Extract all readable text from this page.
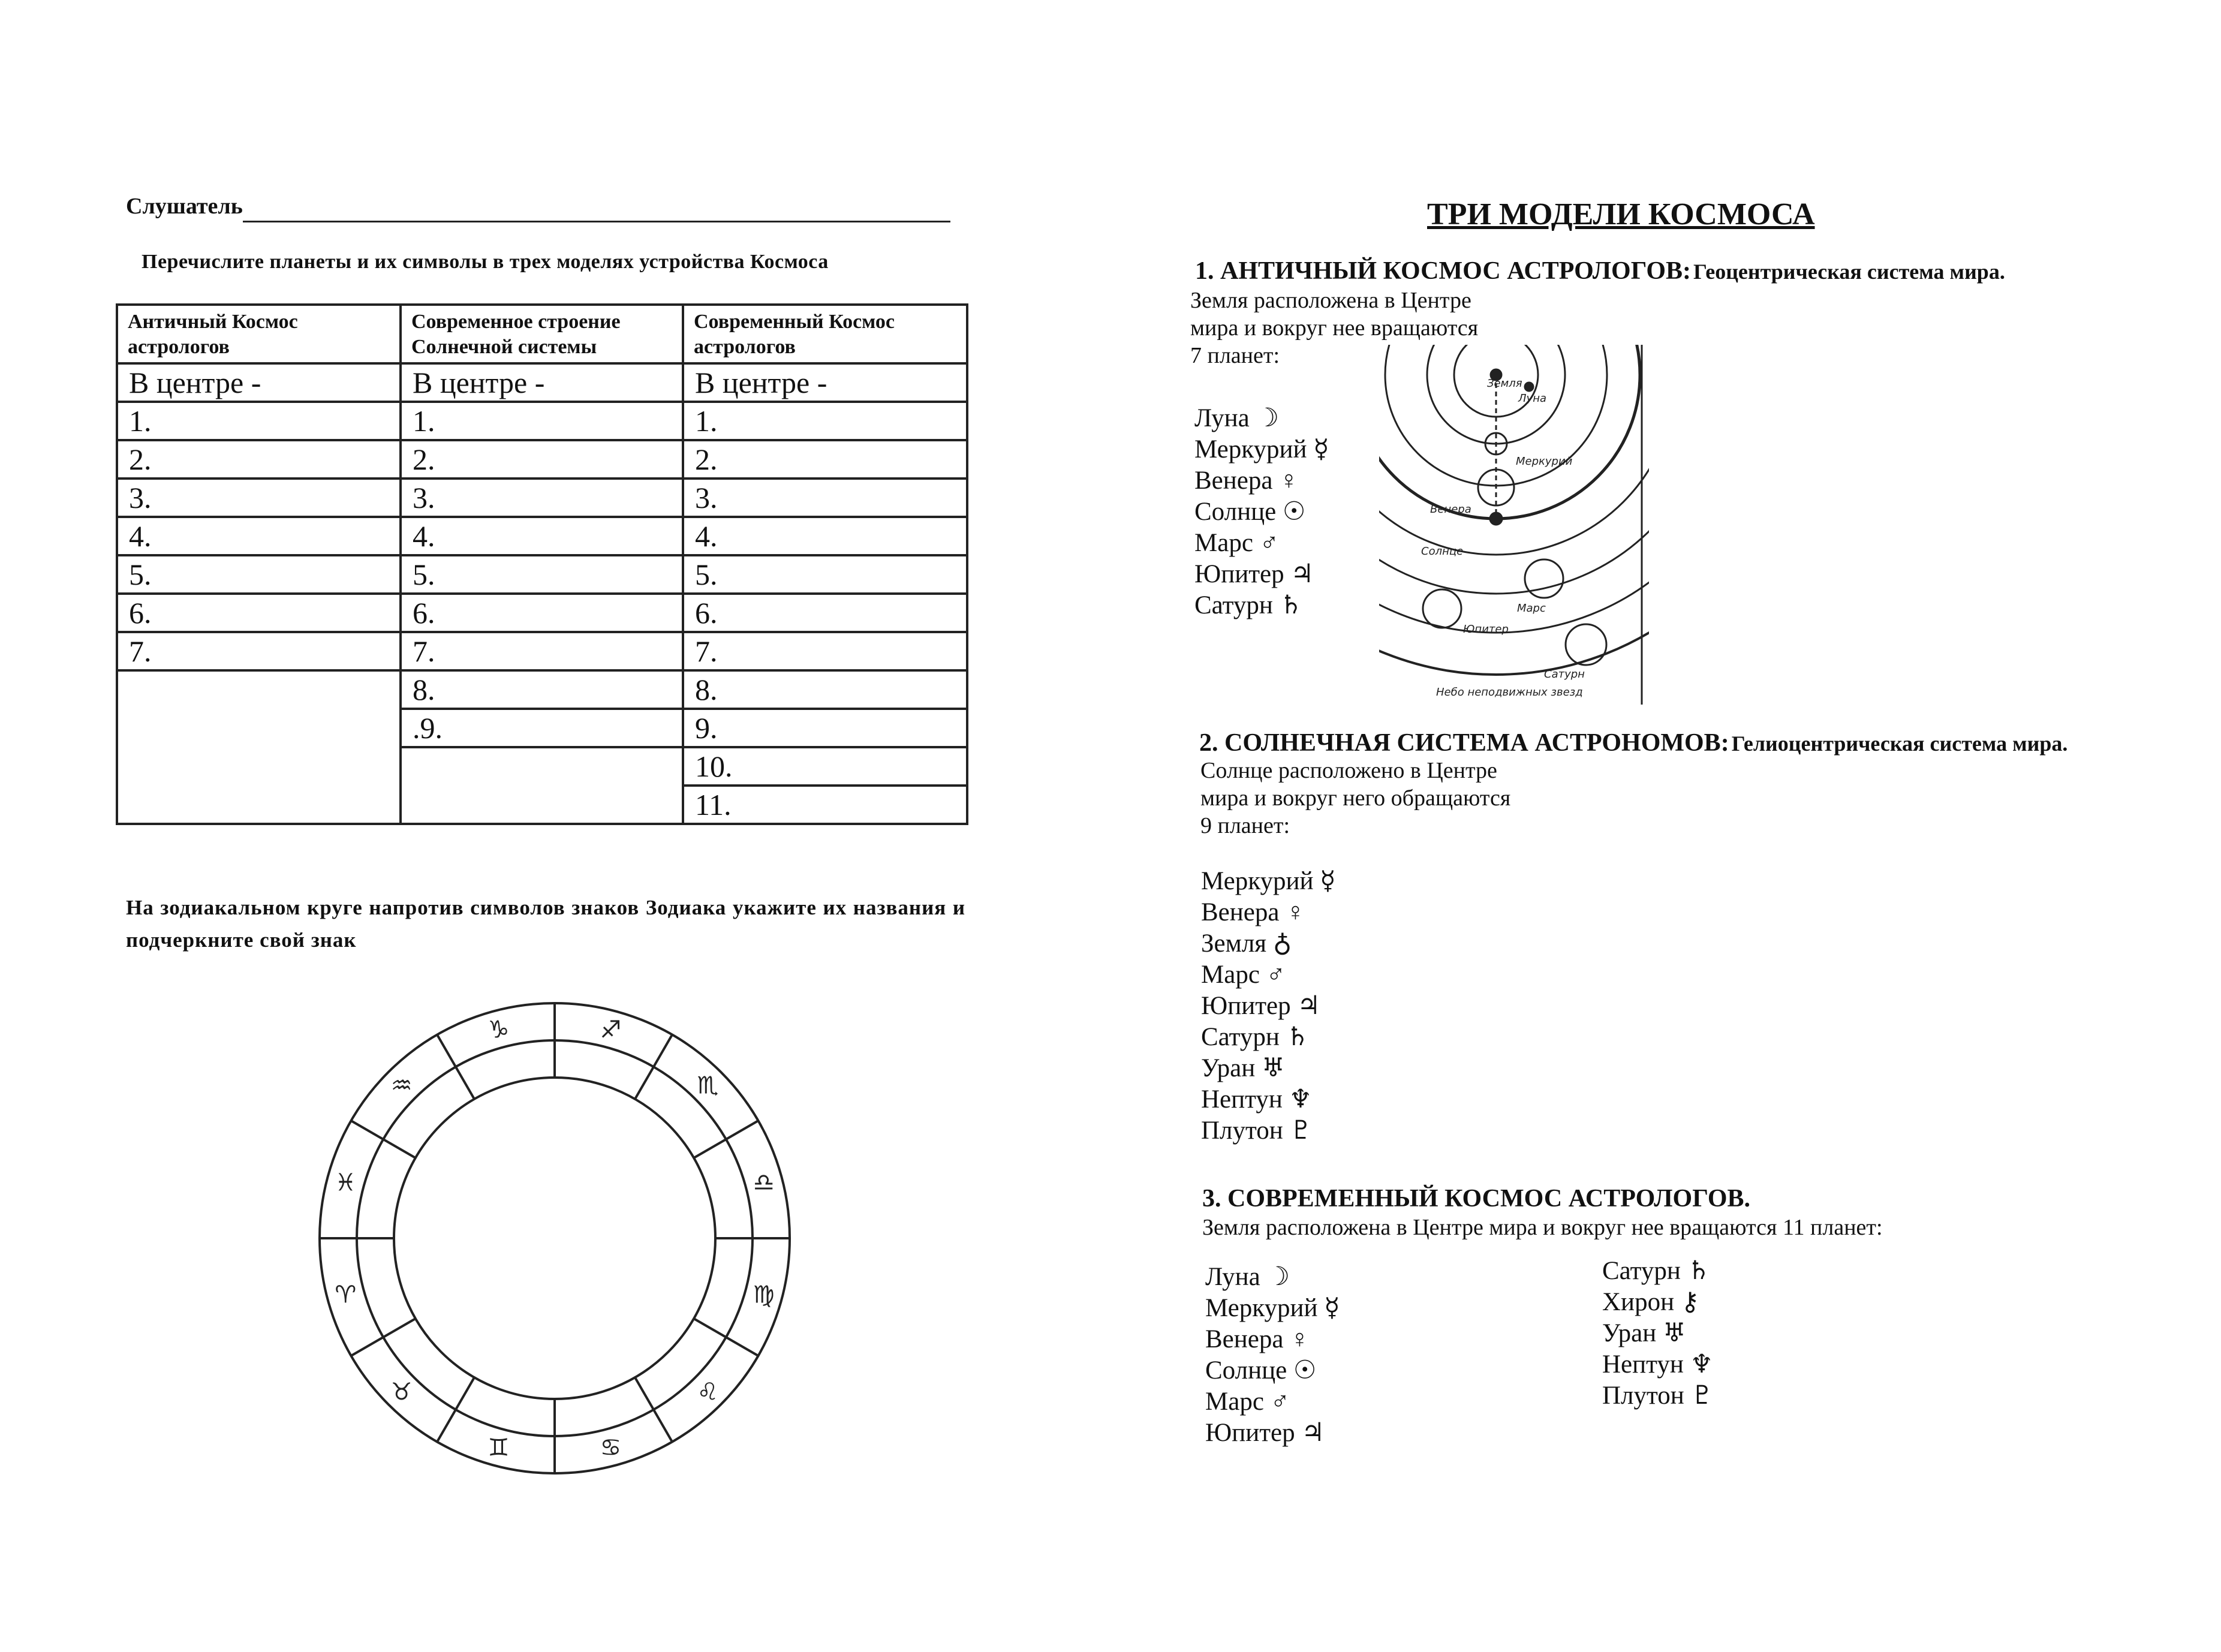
Слушатель
Перечислите планеты и их символы в трех моделях устройства Космоса
Античный Космос астрологов	Современное строение Солнечной системы	Современный Космос астрологов
В центре -	В центре -	В центре -
1.	1.	1.
2.	2.	2.
3.	3.	3.
4.	4.	4.
5.	5.	5.
6.	6.	6.
7.	7.	7.
	8.	8.
	.9.	9.
		10.
		11.
На зодиакальном круге напротив символов знаков Зодиака укажите их названия и подчеркните свой знак
♑	♐
♏
♎
♍
♌
♋
♊
♉
♈
♓
♒
ТРИ МОДЕЛИ КОСМОСА
1. АНТИЧНЫЙ КОСМОС АСТРОЛОГОВ: Геоцентрическая система мира.
Земля расположена в Центре
мира и вокруг нее вращаются
7 планет:
Луна ☽
Меркурий ☿
Венера ♀
Солнце ☉
Марс ♂
Юпитер ♃
Сатурн ♄
Земля
Луна
Меркурий
Венера
Солнце
Марс
Юпитер
Сатурн
Небо неподвижных звезд
2. СОЛНЕЧНАЯ СИСТЕМА АСТРОНОМОВ: Гелиоцентрическая система мира.
Солнце расположено в Центре
мира и вокруг него обращаются
9 планет:
Меркурий ☿
Венера ♀
Земля ♁
Марс ♂
Юпитер ♃
Сатурн ♄
Уран ♅
Нептун ♆
Плутон ♇
3. СОВРЕМЕННЫЙ КОСМОС АСТРОЛОГОВ.
Земля расположена в Центре мира и вокруг нее вращаются 11 планет:
Луна ☽
Меркурий ☿
Венера ♀
Солнце ☉
Марс ♂
Юпитер ♃
Сатурн ♄
Хирон ⚷
Уран ♅
Нептун ♆
Плутон ♇
